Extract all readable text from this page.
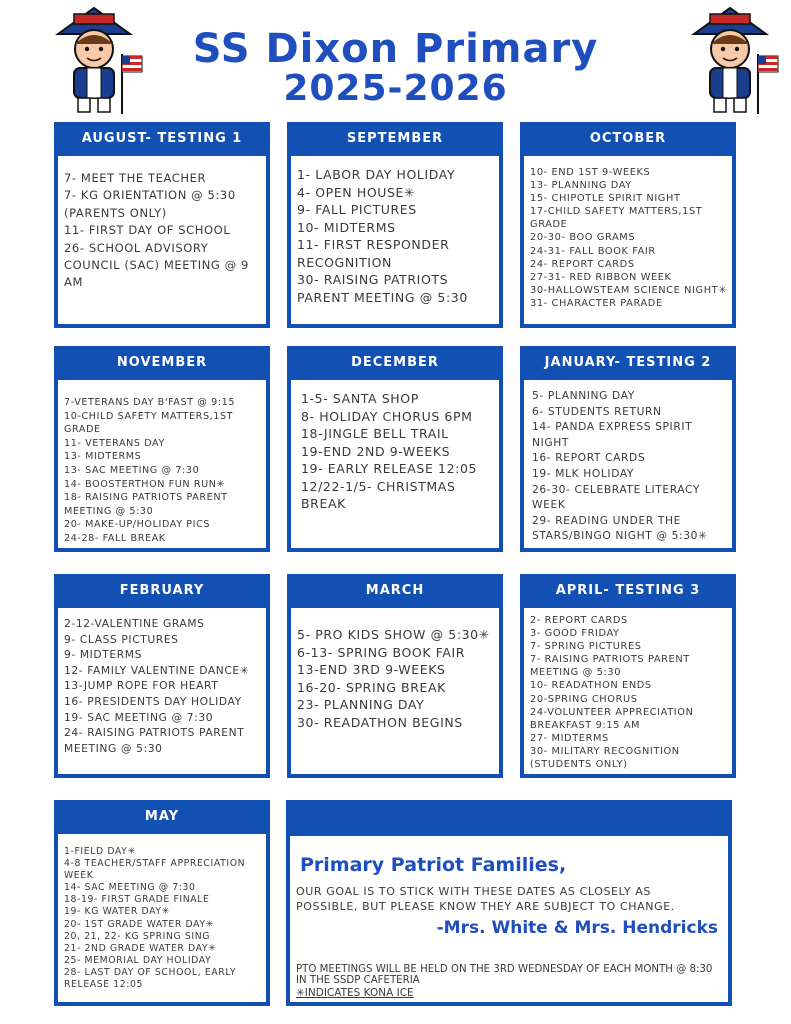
SS Dixon Primary
2025-2026
AUGUST- TESTING 1
7- MEET THE TEACHER
7- KG ORIENTATION @ 5:30 (PARENTS ONLY)
11- FIRST DAY OF SCHOOL
26- SCHOOL ADVISORY COUNCIL (SAC) MEETING @ 9 AM
SEPTEMBER
1- LABOR DAY HOLIDAY
4- OPEN HOUSE✳
9- FALL PICTURES
10- MIDTERMS
11- FIRST RESPONDER RECOGNITION
30- RAISING PATRIOTS PARENT MEETING @ 5:30
OCTOBER
10- END 1ST 9-WEEKS
13- PLANNING DAY
15- CHIPOTLE SPIRIT NIGHT
17-CHILD SAFETY MATTERS,1ST GRADE
20-30- BOO GRAMS
24-31- FALL BOOK FAIR
24- REPORT CARDS
27-31- RED RIBBON WEEK
30-HALLOWSTEAM SCIENCE NIGHT✳
31- CHARACTER PARADE
NOVEMBER
7-VETERANS DAY B'FAST @ 9:15
10-CHILD SAFETY MATTERS,1ST GRADE
11- VETERANS DAY
13- MIDTERMS
13- SAC MEETING @ 7:30
14- BOOSTERTHON FUN RUN✳
18- RAISING PATRIOTS PARENT MEETING @ 5:30
20- MAKE-UP/HOLIDAY PICS
24-28- FALL BREAK
DECEMBER
1-5- SANTA SHOP
8- HOLIDAY CHORUS 6PM
18-JINGLE BELL TRAIL
19-END 2ND 9-WEEKS
19- EARLY RELEASE 12:05
12/22-1/5- CHRISTMAS BREAK
JANUARY- TESTING 2
5- PLANNING DAY
6- STUDENTS RETURN
14- PANDA EXPRESS SPIRIT NIGHT
16- REPORT CARDS
19- MLK HOLIDAY
26-30- CELEBRATE LITERACY WEEK
29- READING UNDER THE STARS/BINGO NIGHT @ 5:30✳
FEBRUARY
2-12-VALENTINE GRAMS
9- CLASS PICTURES
9- MIDTERMS
12- FAMILY VALENTINE DANCE✳
13-JUMP ROPE FOR HEART
16- PRESIDENTS DAY HOLIDAY
19- SAC MEETING @ 7:30
24- RAISING PATRIOTS PARENT MEETING @ 5:30
MARCH
5- PRO KIDS SHOW @ 5:30✳
6-13- SPRING BOOK FAIR
13-END 3RD 9-WEEKS
16-20- SPRING BREAK
23- PLANNING DAY
30- READATHON BEGINS
APRIL- TESTING 3
2- REPORT CARDS
3- GOOD FRIDAY
7- SPRING PICTURES
7- RAISING PATRIOTS PARENT MEETING @ 5:30
10- READATHON ENDS
20-SPRING CHORUS
24-VOLUNTEER APPRECIATION BREAKFAST 9:15 AM
27- MIDTERMS
30- MILITARY RECOGNITION (STUDENTS ONLY)
MAY
1-FIELD DAY✳
4-8 TEACHER/STAFF APPRECIATION WEEK
14- SAC MEETING @ 7:30
18-19- FIRST GRADE FINALE
19- KG WATER DAY✳
20- 1ST GRADE WATER DAY✳
20, 21, 22- KG SPRING SING
21- 2ND GRADE WATER DAY✳
25- MEMORIAL DAY HOLIDAY
28- LAST DAY OF SCHOOL, EARLY RELEASE 12:05
Primary Patriot Families,
OUR GOAL IS TO STICK WITH THESE DATES AS CLOSELY AS POSSIBLE, BUT PLEASE KNOW THEY ARE SUBJECT TO CHANGE.
-Mrs. White & Mrs. Hendricks
PTO MEETINGS WILL BE HELD ON THE 3RD WEDNESDAY OF EACH MONTH @ 8:30 IN THE SSDP CAFETERIA
✳INDICATES KONA ICE
